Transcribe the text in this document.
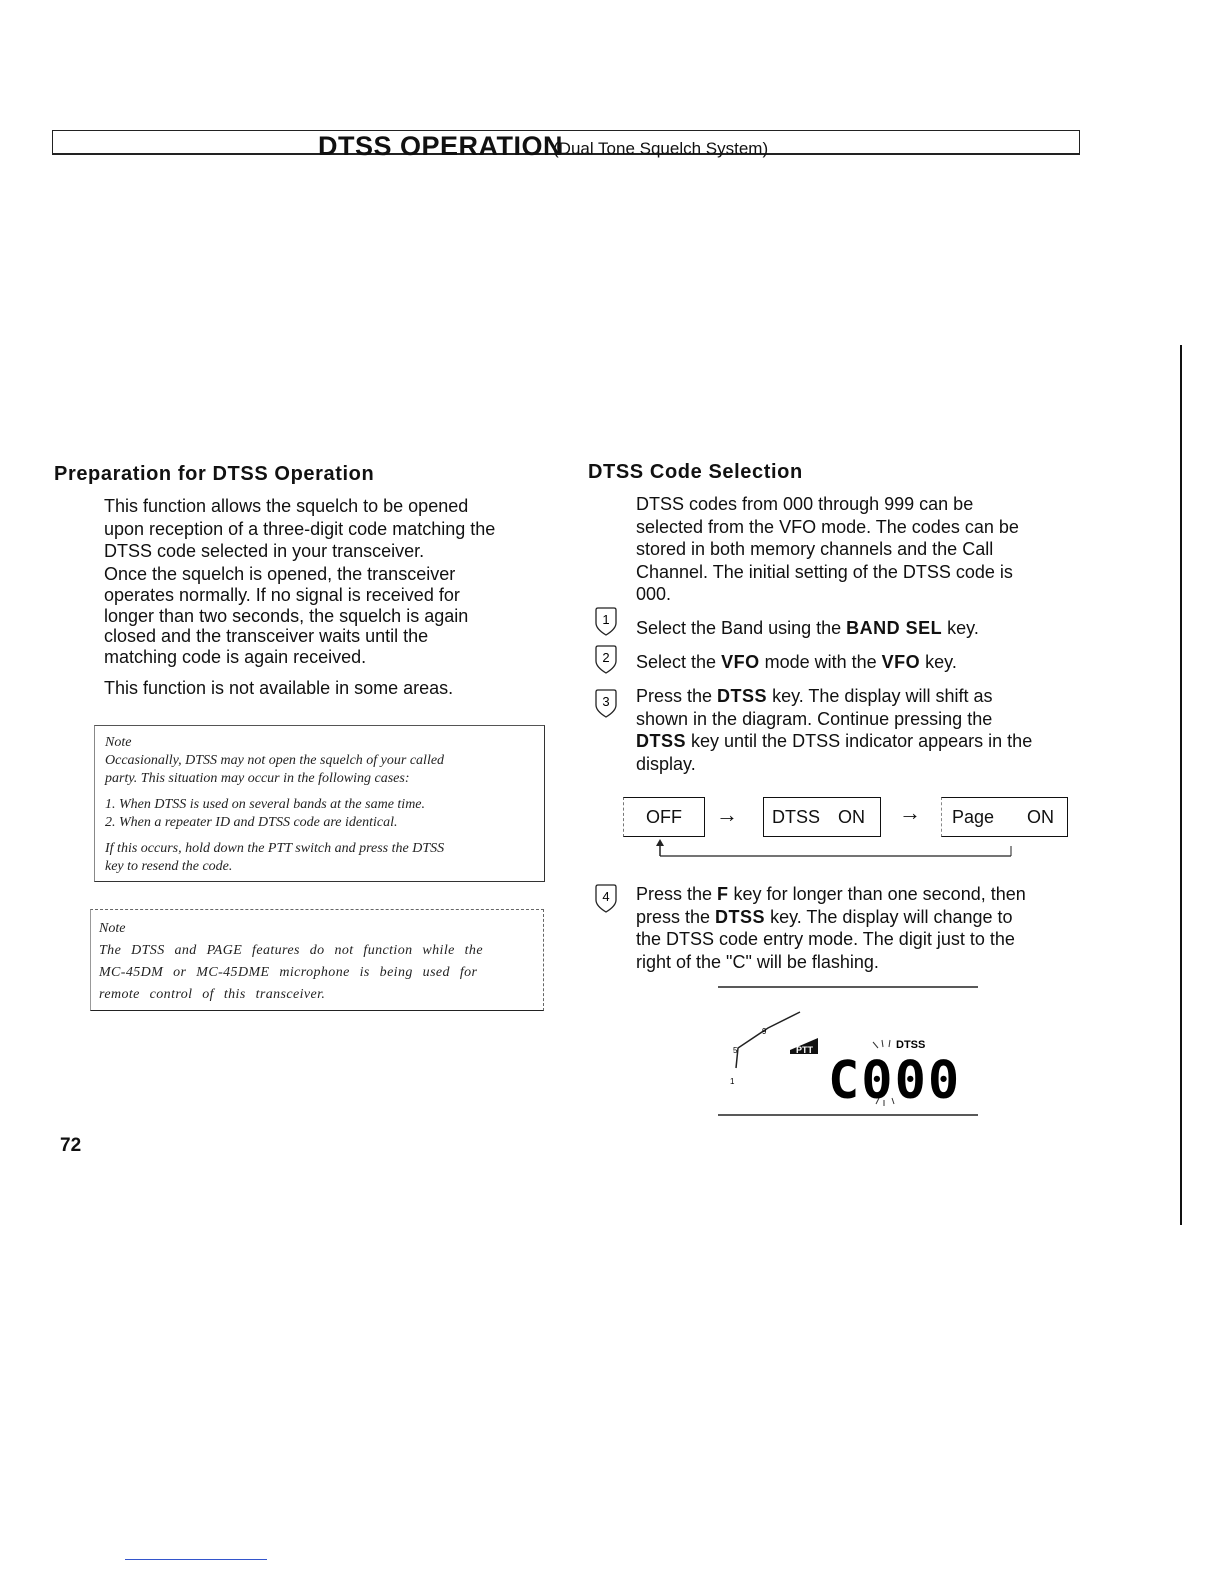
DTSS OPERATION
(Dual Tone Squelch System)
Preparation for DTSS Operation
This function allows the squelch to be opened
upon reception of a three-digit code matching the
DTSS code selected in your transceiver.
Once the squelch is opened, the transceiver
operates normally. If no signal is received for
longer than two seconds, the squelch is again
closed and the transceiver waits until the
matching code is again received.
This function is not available in some areas.

Note

Occasionally, DTSS may not open the squelch of your called

party. This situation may occur in the following cases:

1. When DTSS is used on several bands at the same time.

2. When a repeater ID and DTSS code are identical.

If this occurs, hold down the PTT switch and press the DTSS

key to resend the code.

Note

The DTSS and PAGE features do not function while the

MC-45DM or MC-45DME microphone is being used for

remote control of this transceiver.

DTSS Code Selection
DTSS codes from 000 through 999 can be
selected from the VFO mode. The codes can be
stored in both memory channels and the Call
Channel. The initial setting of the DTSS code is
000.
1
2
3
4
Select the Band using the BAND SEL key.
Select the VFO mode with the VFO key.
Press the DTSS key. The display will shift as
shown in the diagram. Continue pressing the
DTSS key until the DTSS indicator appears in the
display.
OFF → DTSS ON → Page ON
Press the F key for longer than one second, then
press the DTSS key. The display will change to
the DTSS code entry mode. The digit just to the
right of the "C" will be flashing.
1
5
9
PTT	DTSS
C000
72
